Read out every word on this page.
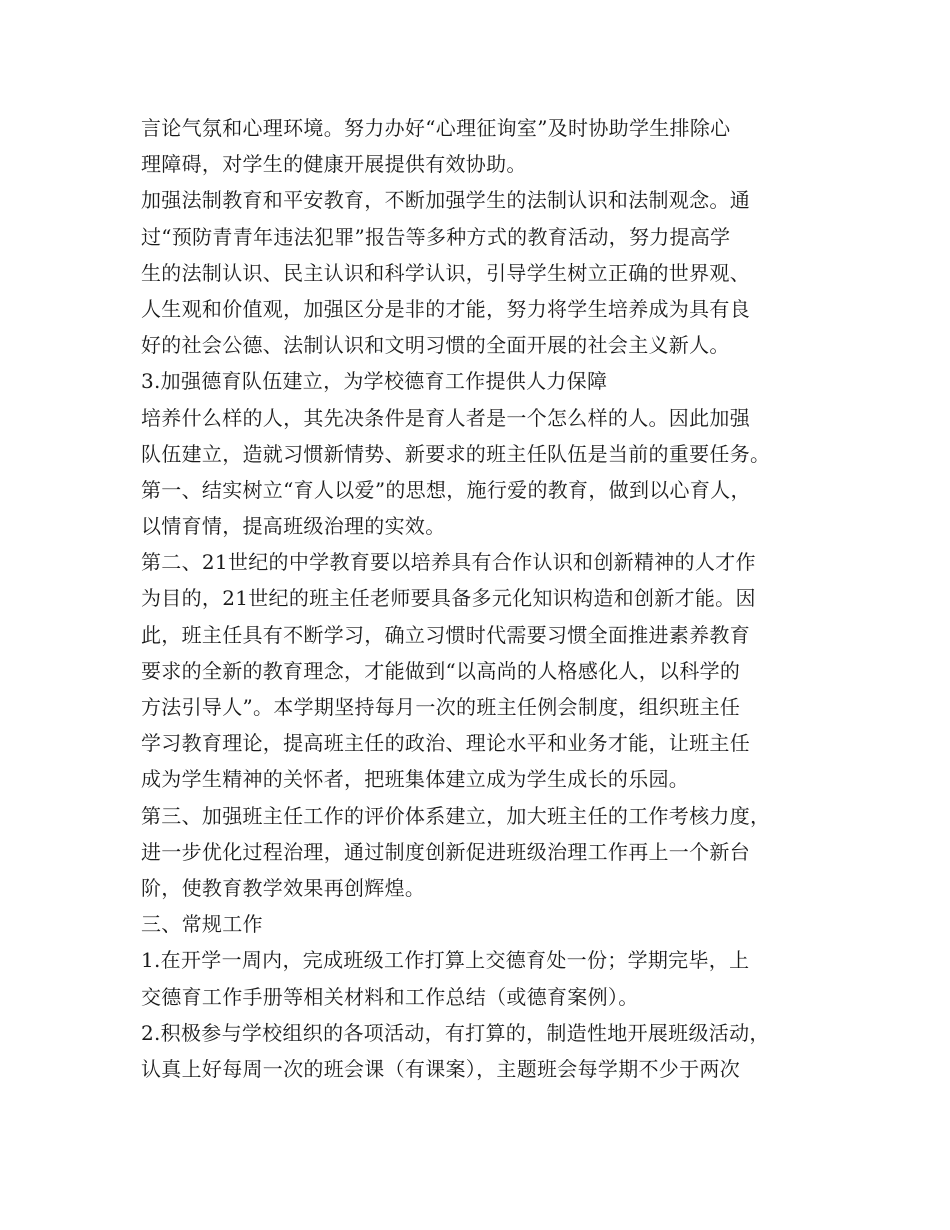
言论气氛和心理环境。努力办好“心理征询室”及时协助学生排除心
理障碍，对学生的健康开展提供有效协助。
加强法制教育和平安教育，不断加强学生的法制认识和法制观念。通
过“预防青青年违法犯罪”报告等多种方式的教育活动，努力提高学
生的法制认识、民主认识和科学认识，引导学生树立正确的世界观、
人生观和价值观，加强区分是非的才能，努力将学生培养成为具有良
好的社会公德、法制认识和文明习惯的全面开展的社会主义新人。
3.加强德育队伍建立，为学校德育工作提供人力保障
培养什么样的人，其先决条件是育人者是一个怎么样的人。因此加强
队伍建立，造就习惯新情势、新要求的班主任队伍是当前的重要任务。
第一、结实树立“育人以爱”的思想，施行爱的教育，做到以心育人，
以情育情，提高班级治理的实效。
第二、21世纪的中学教育要以培养具有合作认识和创新精神的人才作
为目的，21世纪的班主任老师要具备多元化知识构造和创新才能。因
此，班主任具有不断学习，确立习惯时代需要习惯全面推进素养教育
要求的全新的教育理念，才能做到“以高尚的人格感化人，以科学的
方法引导人”。本学期坚持每月一次的班主任例会制度，组织班主任
学习教育理论，提高班主任的政治、理论水平和业务才能，让班主任
成为学生精神的关怀者，把班集体建立成为学生成长的乐园。
第三、加强班主任工作的评价体系建立，加大班主任的工作考核力度，
进一步优化过程治理，通过制度创新促进班级治理工作再上一个新台
阶，使教育教学效果再创辉煌。
三、常规工作
1.在开学一周内，完成班级工作打算上交德育处一份；学期完毕，上
交德育工作手册等相关材料和工作总结（或德育案例）。
2.积极参与学校组织的各项活动，有打算的，制造性地开展班级活动，
认真上好每周一次的班会课（有课案），主题班会每学期不少于两次
